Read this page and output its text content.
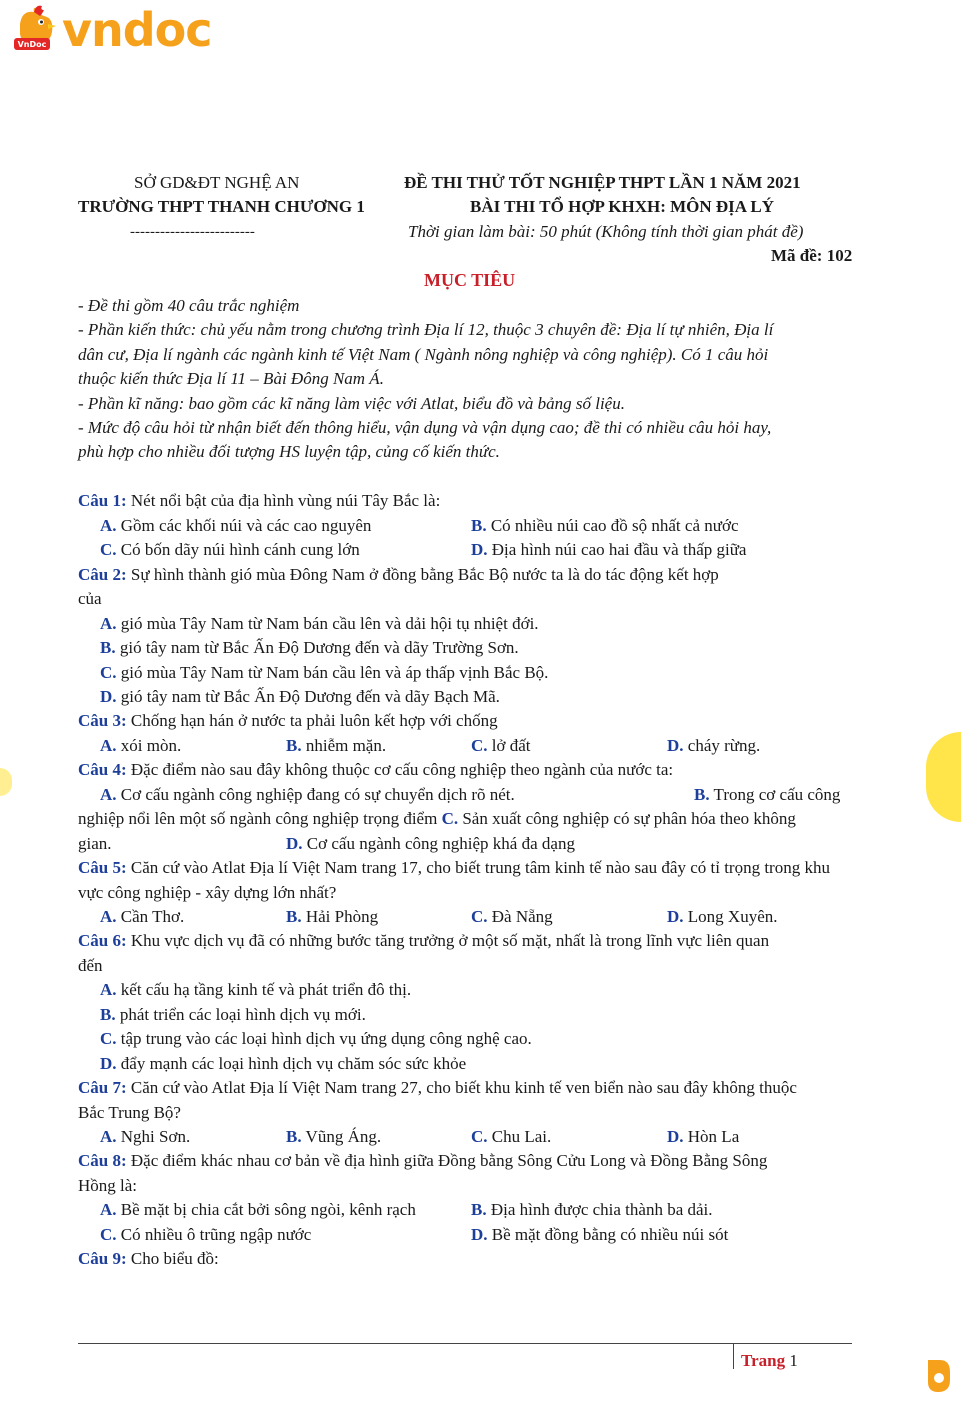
VnDoc vndoc
SỞ GD&ĐT NGHỆ AN
TRƯỜNG THPT THANH CHƯƠNG 1
-------------------------
ĐỀ THI THỬ TỐT NGHIỆP THPT LẦN 1 NĂM 2021
BÀI THI TỔ HỢP KHXH: MÔN ĐỊA LÝ
Thời gian làm bài: 50 phút (Không tính thời gian phát đề)
Mã đề: 102
MỤC TIÊU
- Đề thi gồm 40 câu trắc nghiệm
- Phần kiến thức: chủ yếu nằm trong chương trình Địa lí 12, thuộc 3 chuyên đề: Địa lí tự nhiên, Địa lí
dân cư, Địa lí ngành các ngành kinh tế Việt Nam ( Ngành nông nghiệp và công nghiệp). Có 1 câu hỏi
thuộc kiến thức Địa lí 11 – Bài Đông Nam Á.
- Phần kĩ năng: bao gồm các kĩ năng làm việc với Atlat, biểu đồ và bảng số liệu.
- Mức độ câu hỏi từ nhận biết đến thông hiểu, vận dụng và vận dụng cao; đề thi có nhiều câu hỏi hay,
phù hợp cho nhiều đối tượng HS luyện tập, củng cố kiến thức.
Câu 1: Nét nổi bật của địa hình vùng núi Tây Bắc là:
A. Gồm các khối núi và các cao nguyên	B. Có nhiều núi cao đồ sộ nhất cả nước
C. Có bốn dãy núi hình cánh cung lớn	D. Địa hình núi cao hai đầu và thấp giữa
Câu 2: Sự hình thành gió mùa Đông Nam ở đồng bằng Bắc Bộ nước ta là do tác động kết hợp
của
A. gió mùa Tây Nam từ Nam bán cầu lên và dải hội tụ nhiệt đới.
B. gió tây nam từ Bắc Ấn Độ Dương đến và dãy Trường Sơn.
C. gió mùa Tây Nam từ Nam bán cầu lên và áp thấp vịnh Bắc Bộ.
D. gió tây nam từ Bắc Ấn Độ Dương đến và dãy Bạch Mã.
Câu 3: Chống hạn hán ở nước ta phải luôn kết hợp với chống
A. xói mòn.	B. nhiễm mặn.	C. lở đất	D. cháy rừng.
Câu 4: Đặc điểm nào sau đây không thuộc cơ cấu công nghiệp theo ngành của nước ta:
A. Cơ cấu ngành công nghiệp đang có sự chuyển dịch rõ nét.	B. Trong cơ cấu công
nghiệp nổi lên một số ngành công nghiệp trọng điểm C. Sản xuất công nghiệp có sự phân hóa theo không
gian.	D. Cơ cấu ngành công nghiệp khá đa dạng
Câu 5: Căn cứ vào Atlat Địa lí Việt Nam trang 17, cho biết trung tâm kinh tế nào sau đây có tỉ trọng trong khu
vực công nghiệp - xây dựng lớn nhất?
A. Cần Thơ.	B. Hải Phòng	C. Đà Nẵng	D. Long Xuyên.
Câu 6: Khu vực dịch vụ đã có những bước tăng trưởng ở một số mặt, nhất là trong lĩnh vực liên quan
đến
A. kết cấu hạ tầng kinh tế và phát triển đô thị.
B. phát triển các loại hình dịch vụ mới.
C. tập trung vào các loại hình dịch vụ ứng dụng công nghệ cao.
D. đẩy mạnh các loại hình dịch vụ chăm sóc sức khỏe
Câu 7: Căn cứ vào Atlat Địa lí Việt Nam trang 27, cho biết khu kinh tế ven biển nào sau đây không thuộc
Bắc Trung Bộ?
A. Nghi Sơn.	B. Vũng Áng.	C. Chu Lai.	D. Hòn La
Câu 8: Đặc điểm khác nhau cơ bản về địa hình giữa Đồng bằng Sông Cửu Long và Đồng Bằng Sông
Hồng là:
A. Bề mặt bị chia cắt bởi sông ngòi, kênh rạch	B. Địa hình được chia thành ba dải.
C. Có nhiều ô trũng ngập nước	D. Bề mặt đồng bằng có nhiều núi sót
Câu 9: Cho biểu đồ:
Trang 1
